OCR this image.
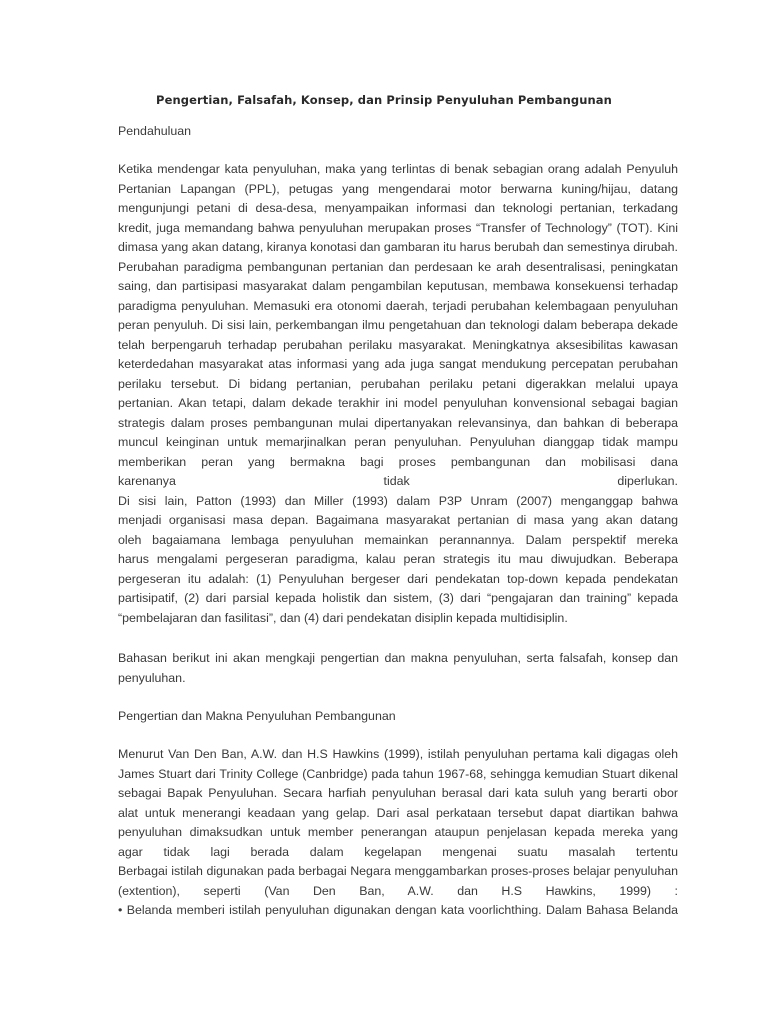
Pengertian, Falsafah, Konsep, dan Prinsip Penyuluhan Pembangunan
Pendahuluan
Ketika mendengar kata penyuluhan, maka yang terlintas di benak sebagian orang adalah Penyuluh
Pertanian Lapangan (PPL), petugas yang mengendarai motor berwarna kuning/hijau, datang
mengunjungi petani di desa-desa, menyampaikan informasi dan teknologi pertanian, terkadang
kredit, juga memandang bahwa penyuluhan merupakan proses “Transfer of Technology” (TOT). Kini
dimasa yang akan datang, kiranya konotasi dan gambaran itu harus berubah dan semestinya dirubah.
Perubahan paradigma pembangunan pertanian dan perdesaan ke arah desentralisasi, peningkatan
saing, dan partisipasi masyarakat dalam pengambilan keputusan, membawa konsekuensi terhadap
paradigma penyuluhan. Memasuki era otonomi daerah, terjadi perubahan kelembagaan penyuluhan
peran penyuluh. Di sisi lain, perkembangan ilmu pengetahuan dan teknologi dalam beberapa dekade
telah berpengaruh terhadap perubahan perilaku masyarakat. Meningkatnya aksesibilitas kawasan
keterdedahan masyarakat atas informasi yang ada juga sangat mendukung percepatan perubahan
perilaku tersebut. Di bidang pertanian, perubahan perilaku petani digerakkan melalui upaya
pertanian. Akan tetapi, dalam dekade terakhir ini model penyuluhan konvensional sebagai bagian
strategis dalam proses pembangunan mulai dipertanyakan relevansinya, dan bahkan di beberapa
muncul keinginan untuk memarjinalkan peran penyuluhan. Penyuluhan dianggap tidak mampu
memberikan peran yang bermakna bagi proses pembangunan dan mobilisasi dana
karenanya tidak diperlukan.
Di sisi lain, Patton (1993) dan Miller (1993) dalam P3P Unram (2007) menganggap bahwa
menjadi organisasi masa depan. Bagaimana masyarakat pertanian di masa yang akan datang
oleh bagaiamana lembaga penyuluhan memainkan perannannya. Dalam perspektif mereka
harus mengalami pergeseran paradigma, kalau peran strategis itu mau diwujudkan. Beberapa
pergeseran itu adalah: (1) Penyuluhan bergeser dari pendekatan top-down kepada pendekatan
partisipatif, (2) dari parsial kepada holistik dan sistem, (3) dari “pengajaran dan training” kepada
“pembelajaran dan fasilitasi”, dan (4) dari pendekatan disiplin kepada multidisiplin.
Bahasan berikut ini akan mengkaji pengertian dan makna penyuluhan, serta falsafah, konsep dan
penyuluhan.
Pengertian dan Makna Penyuluhan Pembangunan
Menurut Van Den Ban, A.W. dan H.S Hawkins (1999), istilah penyuluhan pertama kali digagas oleh
James Stuart dari Trinity College (Canbridge) pada tahun 1967-68, sehingga kemudian Stuart dikenal
sebagai Bapak Penyuluhan. Secara harfiah penyuluhan berasal dari kata suluh yang berarti obor
alat untuk menerangi keadaan yang gelap. Dari asal perkataan tersebut dapat diartikan bahwa
penyuluhan dimaksudkan untuk member penerangan ataupun penjelasan kepada mereka yang
agar tidak lagi berada dalam kegelapan mengenai suatu masalah tertentu
Berbagai istilah digunakan pada berbagai Negara menggambarkan proses-proses belajar penyuluhan
(extention), seperti (Van Den Ban, A.W. dan H.S Hawkins, 1999) :
• Belanda memberi istilah penyuluhan digunakan dengan kata voorlichthing. Dalam Bahasa Belanda
